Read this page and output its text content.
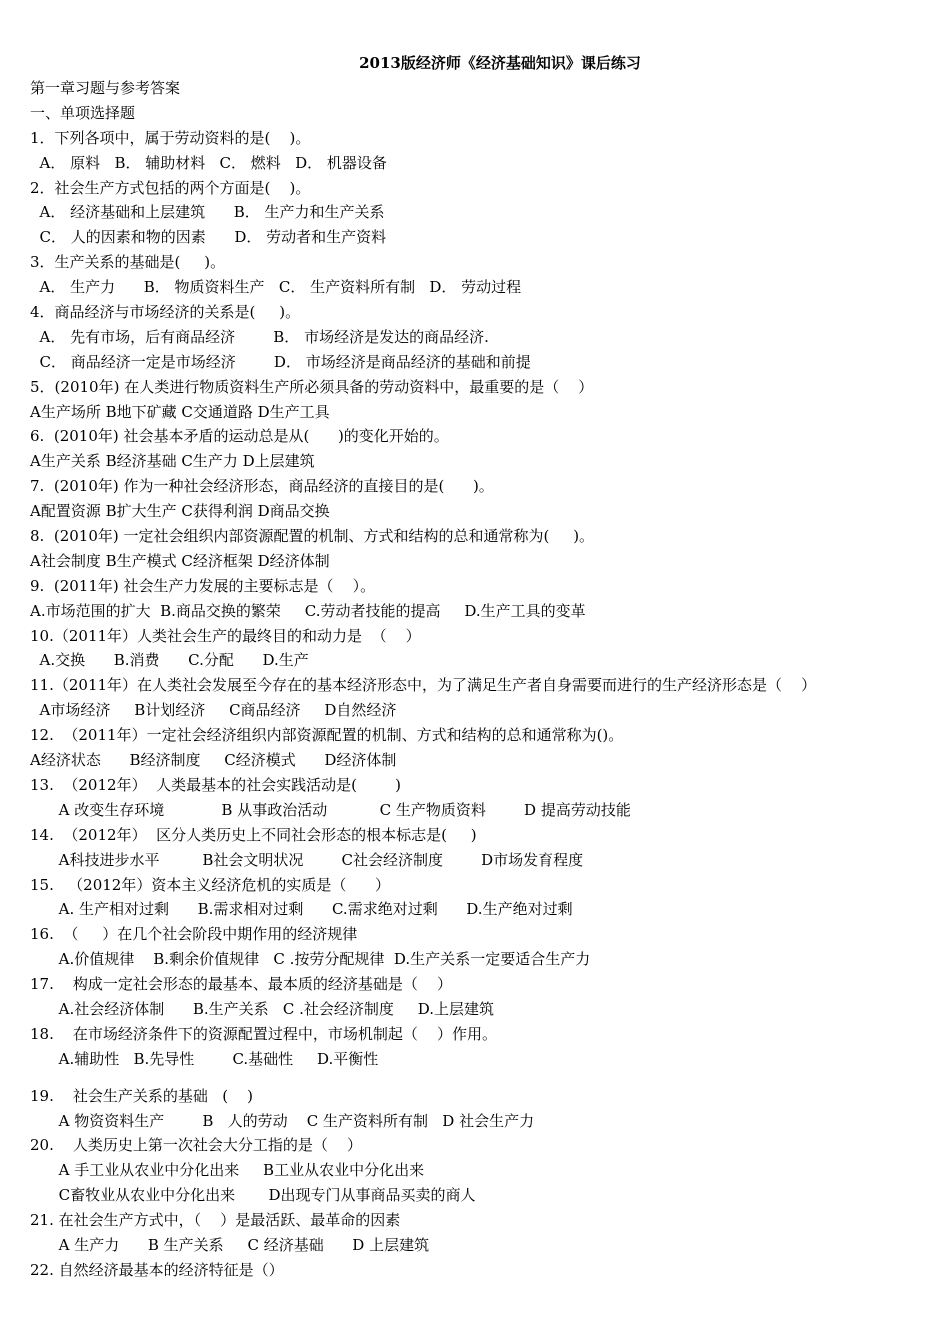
2013版经济师《经济基础知识》课后练习
第一章习题与参考答案
一、单项选择题
1．下列各项中，属于劳动资料的是(    )。
A． 原料   B． 辅助材料   C． 燃料   D． 机器设备
2．社会生产方式包括的两个方面是(    )。
A． 经济基础和上层建筑      B． 生产力和生产关系
C． 人的因素和物的因素      D． 劳动者和生产资料
3．生产关系的基础是(     )。
A． 生产力      B． 物质资料生产   C． 生产资料所有制   D． 劳动过程
4．商品经济与市场经济的关系是(     )。
A． 先有市场，后有商品经济        B． 市场经济是发达的商品经济.
C． 商品经济一定是市场经济        D． 市场经济是商品经济的基础和前提
5．(2010年) 在人类进行物质资料生产所必须具备的劳动资料中，最重要的是（    ）
A生产场所 B地下矿藏 C交通道路 D生产工具
6.  (2010年) 社会基本矛盾的运动总是从(      )的变化开始的。
A生产关系 B经济基础 C生产力 D上层建筑
7.  (2010年) 作为一种社会经济形态，商品经济的直接目的是(      )。
A配置资源 B扩大生产 C获得利润 D商品交换
8.  (2010年) 一定社会组织内部资源配置的机制、方式和结构的总和通常称为(     )。
A社会制度 B生产模式 C经济框架 D经济体制
9.  (2011年) 社会生产力发展的主要标志是（    ）。
A.市场范围的扩大  B.商品交换的繁荣     C.劳动者技能的提高     D.生产工具的变革
10.（2011年）人类社会生产的最终目的和动力是  （    ）
A.交换      B.消费      C.分配      D.生产
11.（2011年）在人类社会发展至今存在的基本经济形态中，为了满足生产者自身需要而进行的生产经济形态是（    ）
A市场经济     B计划经济     C商品经济     D自然经济
12.  （2011年）一定社会经济组织内部资源配置的机制、方式和结构的总和通常称为()。
A经济状态      B经济制度     C经济模式      D经济体制
13.  （2012年）  人类最基本的社会实践活动是(        )
A 改变生存环境            B 从事政治活动           C 生产物质资料        D 提高劳动技能
14.  （2012年）  区分人类历史上不同社会形态的根本标志是(     )
A科技进步水平         B社会文明状况        C社会经济制度        D市场发育程度
15.   （2012年）资本主义经济危机的实质是（      ）
A. 生产相对过剩      B.需求相对过剩      C.需求绝对过剩      D.生产绝对过剩
16.  （     ）在几个社会阶段中期作用的经济规律
A.价值规律    B.剩余价值规律   C .按劳分配规律  D.生产关系一定要适合生产力
17.    构成一定社会形态的最基本、最本质的经济基础是（    ）
A.社会经济体制      B.生产关系   C .社会经济制度     D.上层建筑
18.    在市场经济条件下的资源配置过程中，市场机制起（    ）作用。
A.辅助性   B.先导性        C.基础性     D.平衡性
19.    社会生产关系的基础   (    )
A 物资资料生产        B   人的劳动    C 生产资料所有制   D 社会生产力
20.    人类历史上第一次社会大分工指的是（    ）
A 手工业从农业中分化出来     B工业从农业中分化出来
C畜牧业从农业中分化出来       D出现专门从事商品买卖的商人
21. 在社会生产方式中，（    ）是最活跃、最革命的因素
A 生产力      B 生产关系     C 经济基础      D 上层建筑
22. 自然经济最基本的经济特征是（）
